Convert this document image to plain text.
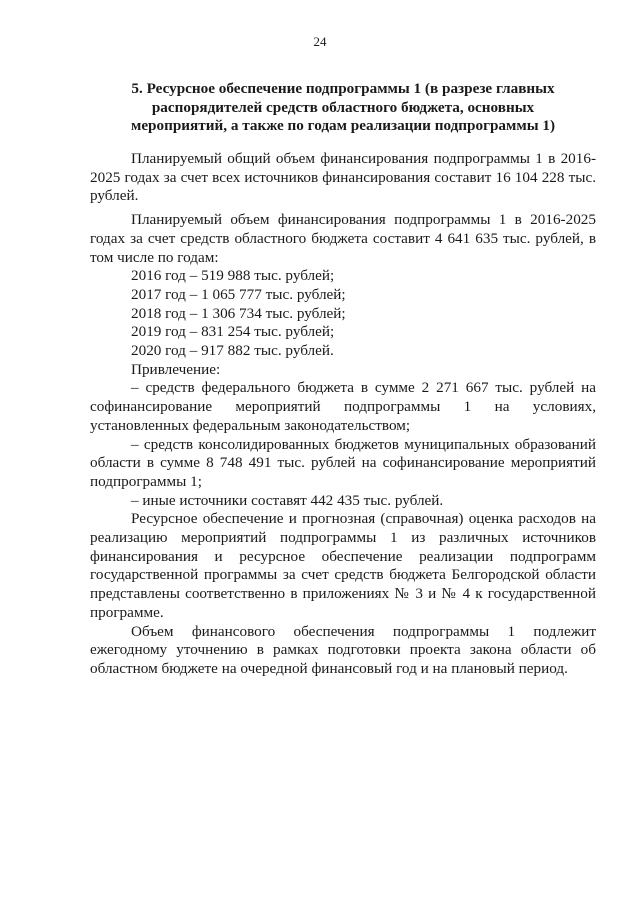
24
5. Ресурсное обеспечение подпрограммы 1 (в разрезе главных
распорядителей средств областного бюджета, основных
мероприятий, а также по годам реализации подпрограммы 1)

Планируемый общий объем финансирования подпрограммы 1 в 2016-2025 годах за счет всех источников финансирования составит 16 104 228 тыс. рублей.

Планируемый объем финансирования подпрограммы 1 в 2016-2025 годах за счет средств областного бюджета составит 4 641 635 тыс. рублей, в том числе по годам:

2016 год – 519 988 тыс. рублей;

2017 год – 1 065 777 тыс. рублей;

2018 год – 1 306 734 тыс. рублей;

2019 год – 831 254 тыс. рублей;

2020 год – 917 882 тыс. рублей.

Привлечение:

– средств федерального бюджета в сумме 2 271 667 тыс. рублей на софинансирование мероприятий подпрограммы 1 на условиях, установленных федеральным законодательством;

– средств консолидированных бюджетов муниципальных образований области в сумме 8 748 491 тыс. рублей на софинансирование мероприятий подпрограммы 1;

– иные источники составят 442 435 тыс. рублей.

Ресурсное обеспечение и прогнозная (справочная) оценка расходов на реализацию мероприятий подпрограммы 1 из различных источников финансирования и ресурсное обеспечение реализации подпрограмм государственной программы за счет средств бюджета Белгородской области представлены соответственно в приложениях № 3 и № 4 к государственной программе.

Объем финансового обеспечения подпрограммы 1 подлежит ежегодному уточнению в рамках подготовки проекта закона области об областном бюджете на очередной финансовый год и на плановый период.
